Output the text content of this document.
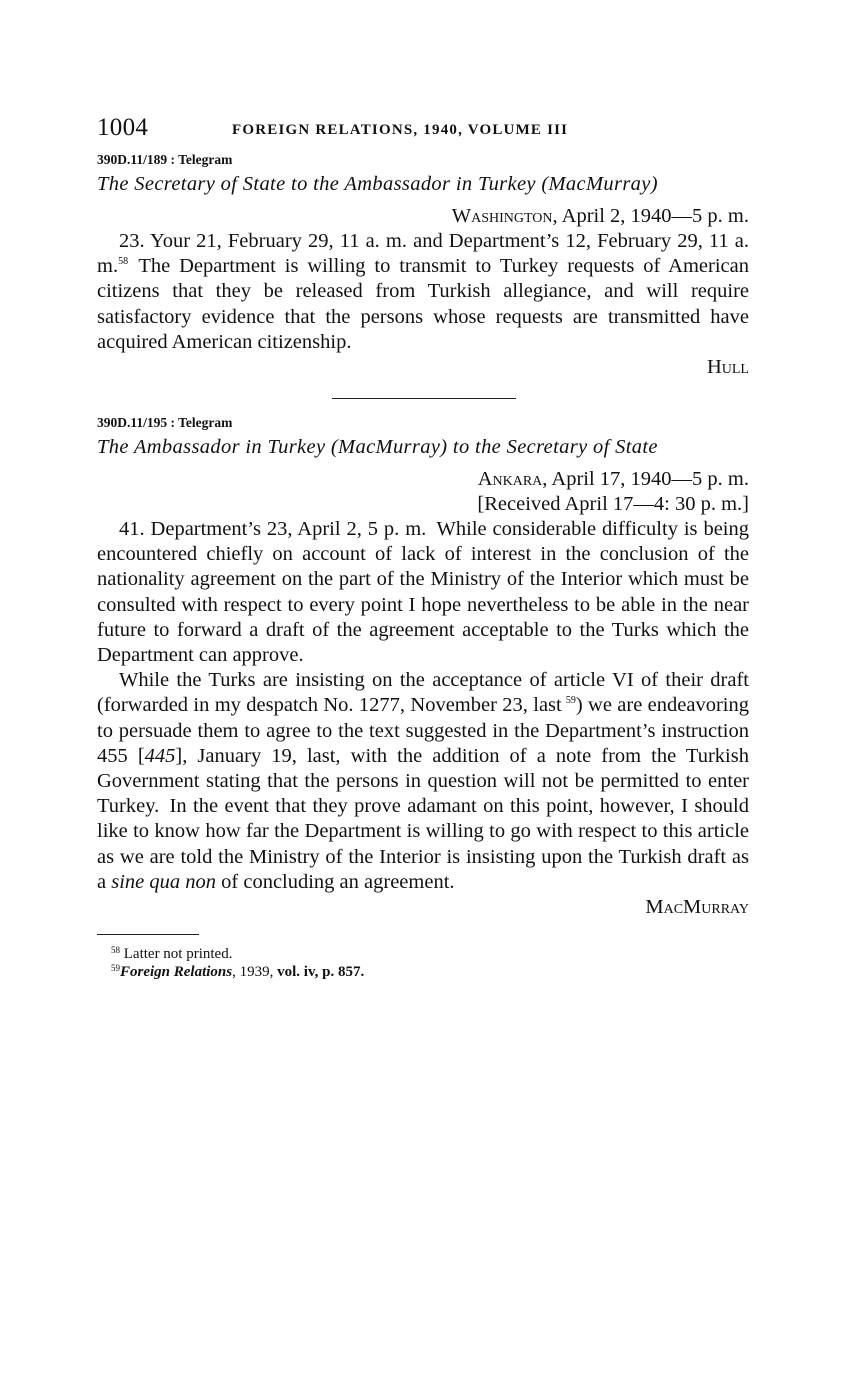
1004	FOREIGN RELATIONS, 1940, VOLUME III
390D.11/189 : Telegram
The Secretary of State to the Ambassador in Turkey (MacMurray)
Washington, April 2, 1940—5 p. m.

23. Your 21, February 29, 11 a. m. and Department’s 12, February 29, 11 a. m.$^{58}$ The Department is willing to transmit to Turkey requests of American citizens that they be released from Turkish allegiance, and will require satisfactory evidence that the persons whose requests are transmitted have acquired American citizenship.

Hull
390D.11/195 : Telegram
The Ambassador in Turkey (MacMurray) to the Secretary of State
Ankara, April 17, 1940—5 p. m.
[Received April 17—4: 30 p. m.]

41. Department’s 23, April 2, 5 p. m. While considerable difficulty is being encountered chiefly on account of lack of interest in the conclusion of the nationality agreement on the part of the Ministry of the Interior which must be consulted with respect to every point I hope nevertheless to be able in the near future to forward a draft of the agreement acceptable to the Turks which the Department can approve.

While the Turks are insisting on the acceptance of article VI of their draft (forwarded in my despatch No. 1277, November 23, last $^{59}$) we are endeavoring to persuade them to agree to the text suggested in the Department’s instruction 455 [445], January 19, last, with the addition of a note from the Turkish Government stating that the persons in question will not be permitted to enter Turkey. In the event that they prove adamant on this point, however, I should like to know how far the Department is willing to go with respect to this article as we are told the Ministry of the Interior is insisting upon the Turkish draft as a sine qua non of concluding an agreement.

MacMurray
$^{58}$ Latter not printed.
$^{59}$Foreign Relations, 1939, vol. iv, p. 857.
